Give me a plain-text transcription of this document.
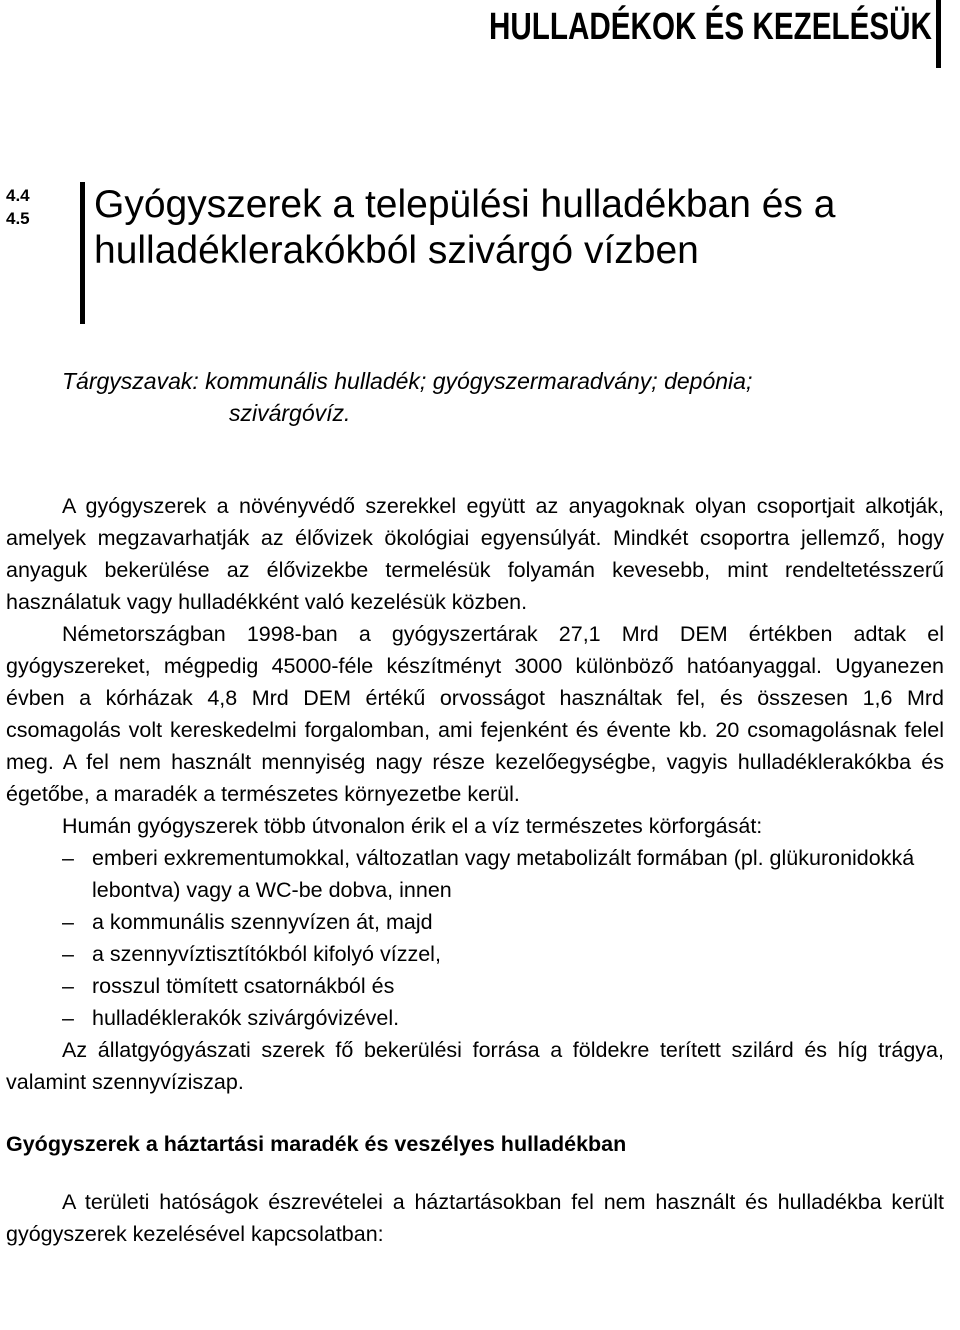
HULLADÉKOK ÉS KEZELÉSÜK
4.4
4.5 Gyógyszerek a települési hulladékban és a hulladéklerakókból szivárgó vízben
Tárgyszavak: kommunális hulladék; gyógyszermaradvány; depónia;
szivárgóvíz.

A gyógyszerek a növényvédő szerekkel együtt az anyagoknak olyan csoportjait alkotják, amelyek megzavarhatják az élővizek ökológiai egyensúlyát. Mindkét csoportra jellemző, hogy anyaguk bekerülése az élővizekbe termelésük folyamán kevesebb, mint rendeltetésszerű használatuk vagy hulladékként való kezelésük közben.

Németországban 1998-ban a gyógyszertárak 27,1 Mrd DEM értékben adtak el gyógyszereket, mégpedig 45000-féle készítményt 3000 különböző hatóanyaggal. Ugyanezen évben a kórházak 4,8 Mrd DEM értékű orvosságot használtak fel, és összesen 1,6 Mrd csomagolás volt kereskedelmi forgalomban, ami fejenként és évente kb. 20 csomagolásnak felel meg. A fel nem használt mennyiség nagy része kezelőegységbe, vagyis hulladéklerakókba és égetőbe, a maradék a természetes környezetbe kerül.

Humán gyógyszerek több útvonalon érik el a víz természetes körforgását:

– emberi exkrementumokkal, változatlan vagy metabolizált formában (pl. glükuronidokká lebontva) vagy a WC-be dobva, innen
– a kommunális szennyvízen át, majd
– a szennyvíztisztítókból kifolyó vízzel,
– rosszul tömített csatornákból és
– hulladéklerakók szivárgóvizével.

Az állatgyógyászati szerek fő bekerülési forrása a földekre terített szilárd és híg trágya, valamint szennyvíziszap.

Gyógyszerek a háztartási maradék és veszélyes hulladékban

A területi hatóságok észrevételei a háztartásokban fel nem használt és hulladékba került gyógyszerek kezelésével kapcsolatban:
